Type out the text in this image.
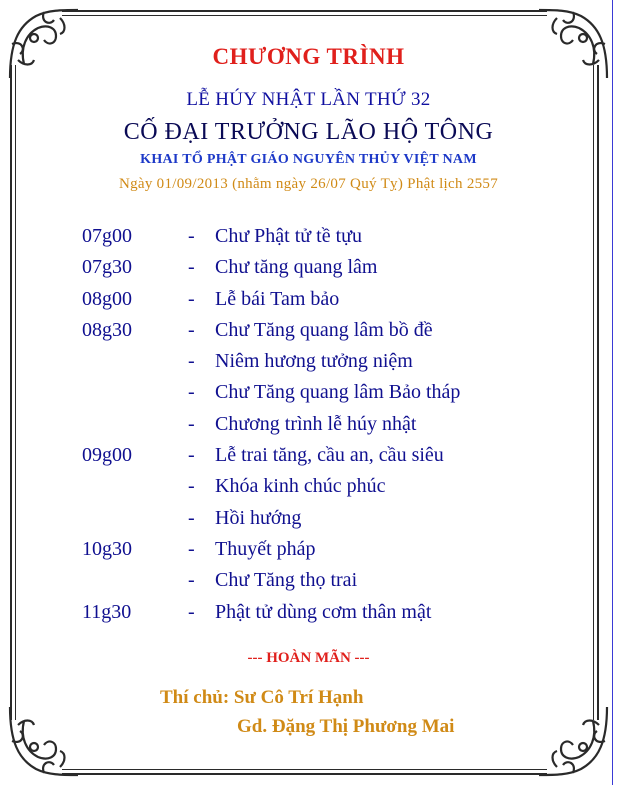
CHƯƠNG TRÌNH
LỄ HÚY NHẬT LẦN THỨ 32
CỐ ĐẠI TRƯỞNG LÃO HỘ TÔNG
KHAI TỔ PHẬT GIÁO NGUYÊN THỦY VIỆT NAM
Ngày 01/09/2013 (nhằm ngày 26/07 Quý Tỵ) Phật lịch 2557
07g00	- Chư Phật tử tề tựu
07g30	- Chư tăng quang lâm
08g00	- Lễ bái Tam bảo
08g30	- Chư Tăng quang lâm bồ đề
- Niêm hương tưởng niệm
- Chư Tăng quang lâm Bảo tháp
- Chương trình lễ húy nhật
09g00	- Lễ trai tăng, cầu an, cầu siêu
- Khóa kinh chúc phúc
- Hồi hướng
10g30	- Thuyết pháp
- Chư Tăng thọ trai
11g30	- Phật tử dùng cơm thân mật
--- HOÀN MÃN ---
Thí chủ: Sư Cô Trí Hạnh
Gd. Đặng Thị Phương Mai
